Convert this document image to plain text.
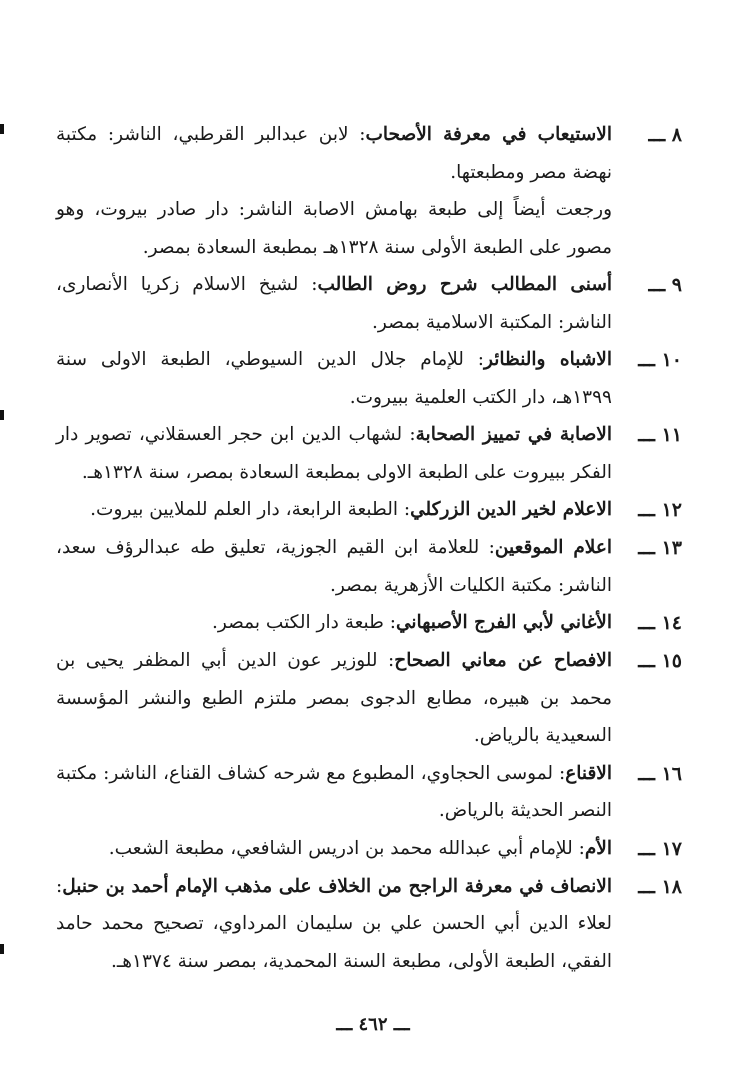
٨ ـــ
الاستيعاب في معرفة الأصحاب: لابن عبدالبر القرطبي، الناشر: مكتبة نهضة مصر ومطبعتها.
ورجعت أيضاً إلى طبعة بهامش الاصابة الناشر: دار صادر بيروت، وهو مصور على الطبعة الأولى سنة ١٣٢٨هـ بمطبعة السعادة بمصر.
٩ ـــ
أسنى المطالب شرح روض الطالب: لشيخ الاسلام زكريا الأنصارى، الناشر: المكتبة الاسلامية بمصر.
١٠ ـــ
الاشباه والنظائر: للإمام جلال الدين السيوطي، الطبعة الاولى سنة ١٣٩٩هـ، دار الكتب العلمية ببيروت.
١١ ـــ
الاصابة في تمييز الصحابة: لشهاب الدين ابن حجر العسقلاني، تصوير دار الفكر ببيروت على الطبعة الاولى بمطبعة السعادة بمصر، سنة ١٣٢٨هـ.
١٢ ـــ
الاعلام لخير الدين الزركلي: الطبعة الرابعة، دار العلم للملايين بيروت.
١٣ ـــ
اعلام الموقعين: للعلامة ابن القيم الجوزية، تعليق طه عبدالرؤف سعد، الناشر: مكتبة الكليات الأزهرية بمصر.
١٤ ـــ
الأغاني لأبي الفرج الأصبهاني: طبعة دار الكتب بمصر.
١٥ ـــ
الافصاح عن معاني الصحاح: للوزير عون الدين أبي المظفر يحيى بن محمد بن هبيره، مطابع الدجوى بمصر ملتزم الطبع والنشر المؤسسة السعيدية بالرياض.
١٦ ـــ
الاقناع: لموسى الحجاوي، المطبوع مع شرحه كشاف القناع، الناشر: مكتبة النصر الحديثة بالرياض.
١٧ ـــ
الأم: للإمام أبي عبدالله محمد بن ادريس الشافعي، مطبعة الشعب.
١٨ ـــ
الانصاف في معرفة الراجح من الخلاف على مذهب الإمام أحمد بن حنبل: لعلاء الدين أبي الحسن علي بن سليمان المرداوي، تصحيح محمد حامد الفقي، الطبعة الأولى، مطبعة السنة المحمدية، بمصر سنة ١٣٧٤هـ.
ـــ ٤٦٢ ـــ
